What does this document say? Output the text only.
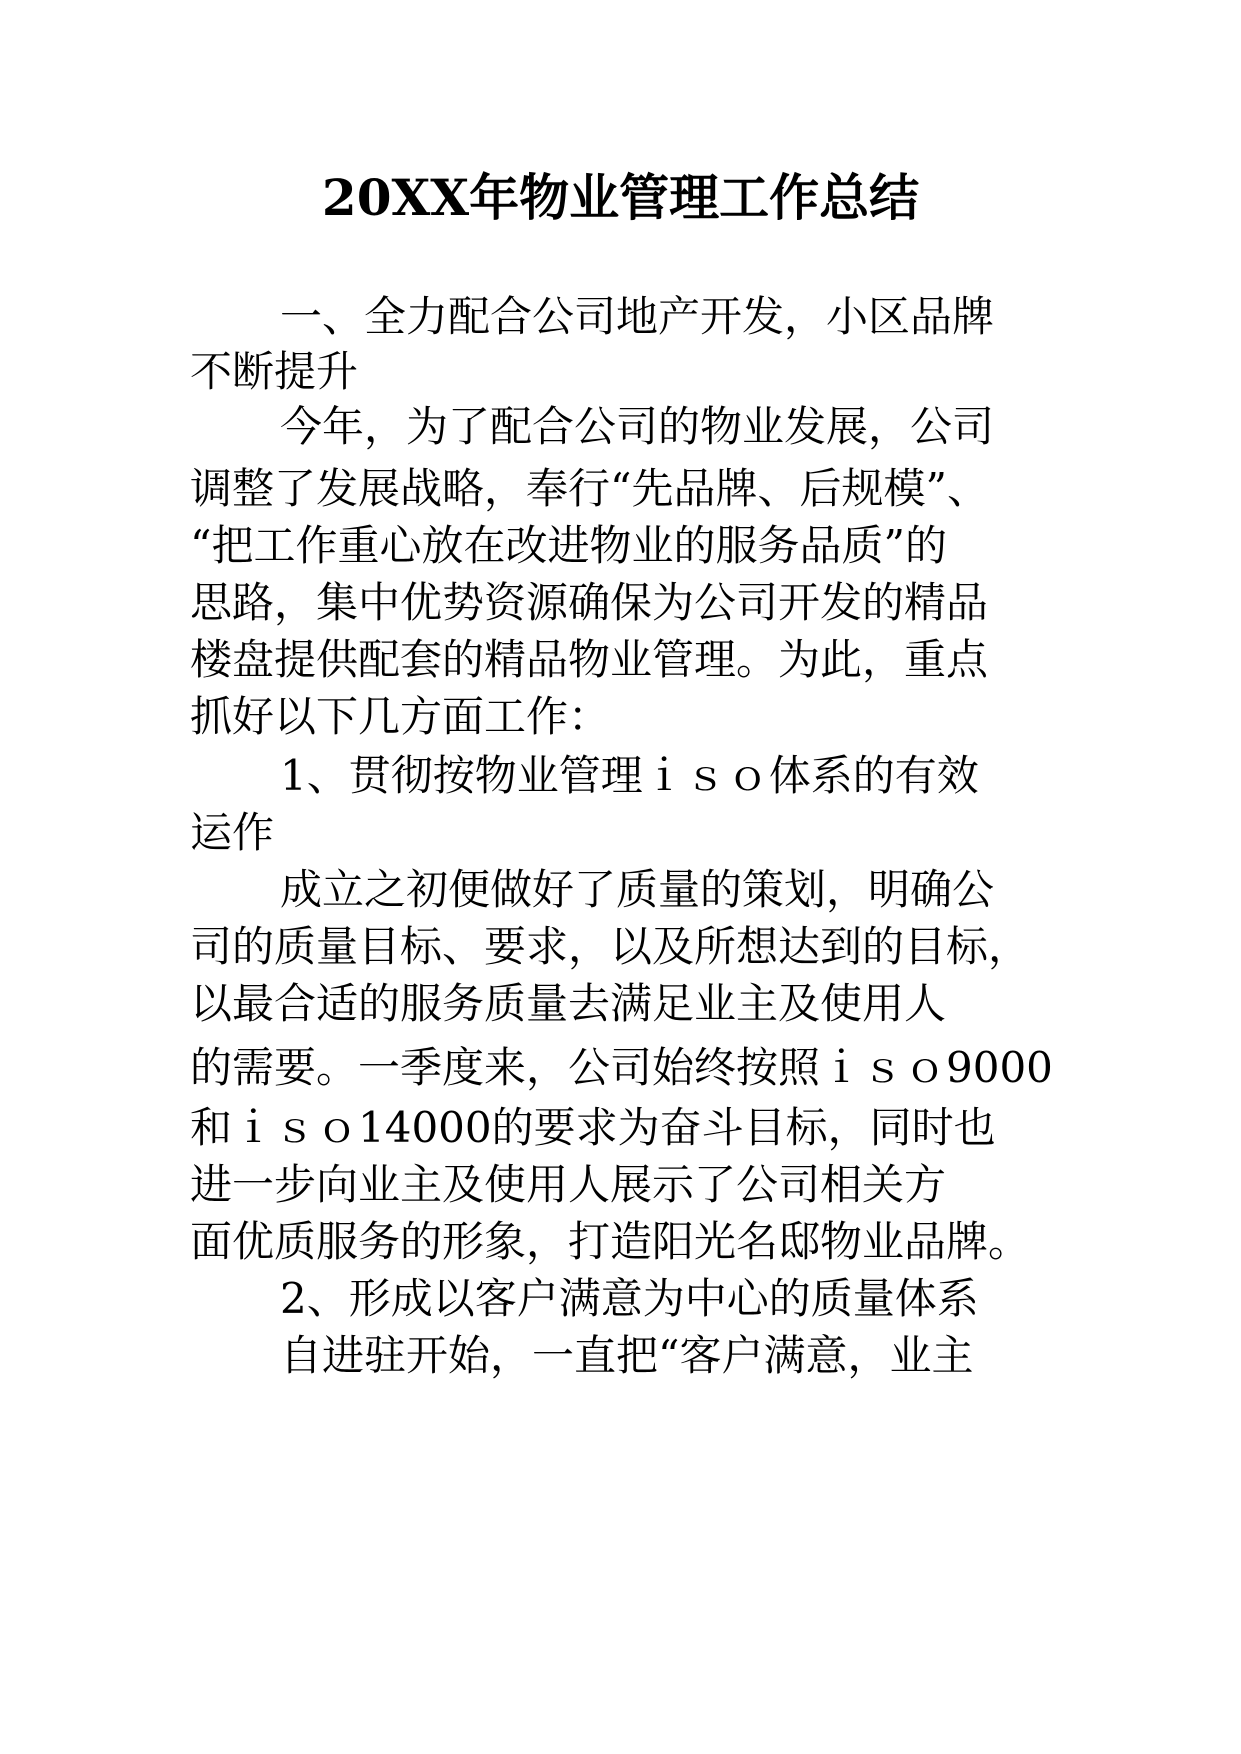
20XX年物业管理工作总结

一、全力配合公司地产开发，小区品牌

不断提升

今年，为了配合公司的物业发展，公司

调整了发展战略，奉行“先品牌、后规模”、

“把工作重心放在改进物业的服务品质”的

思路，集中优势资源确保为公司开发的精品

楼盘提供配套的精品物业管理。为此，重点

抓好以下几方面工作：

1、贯彻按物业管理ｉｓｏ体系的有效

运作

成立之初便做好了质量的策划，明确公

司的质量目标、要求，以及所想达到的目标，

以最合适的服务质量去满足业主及使用人

的需要。一季度来，公司始终按照ｉｓｏ9000

和ｉｓｏ14000的要求为奋斗目标，同时也

进一步向业主及使用人展示了公司相关方

面优质服务的形象，打造阳光名邸物业品牌。

2、形成以客户满意为中心的质量体系

自进驻开始，一直把“客户满意，业主
